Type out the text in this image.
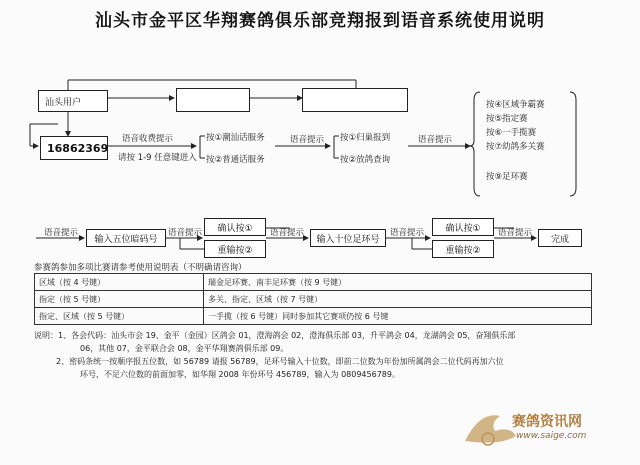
汕头市金平区华翔赛鸽俱乐部竞翔报到语音系统使用说明
汕头用户
16862369
语音收费提示
请按 1-9 任意键进入
按①潮汕话服务
按②普通话服务
语音提示 按①归巢报到
按②放鸽查询
语音提示
按④区域争霸赛
按⑤指定赛
按⑥一手揽赛
按⑦幼鸽多关赛
按⑨足环赛
语音提示
输入五位暗码号
语音提示 确认按①
重输按②
语音提示
输入十位足环号
语音提示 确认按①
重输按②
语音提示
完成
参赛鸽参加多项比赛请参考使用说明表（不明确请咨询）
区域（按 4 号键）	瑞金足环赛、南丰足环赛（按 9 号键）
指定（按 5 号键）	多关、指定、区域（按 7 号键）
指定、区域（按 5 号键）	一手揽（按 6 号键）同时参加其它赛项仍按 6 号键
说明：1、各会代码：汕头市会 19、金平（金园）区鸽会 01，澄海鸽会 02，澄海俱乐部 03，升平鸽会 04，龙湖鸽会 05，奋翔俱乐部
06，其他 07，金平联合会 08，金平华翔赛鸽俱乐部 09。
2、密码条统一按顺序报五位数，如 56789 请报 56789，足环号输入十位数，即前二位数为年份加所属鸽会二位代码再加六位
环号，不足六位数的前面加零，如华翔 2008 年份环号 456789，输入为 0809456789。
赛鸽资讯网
www.saige.com
